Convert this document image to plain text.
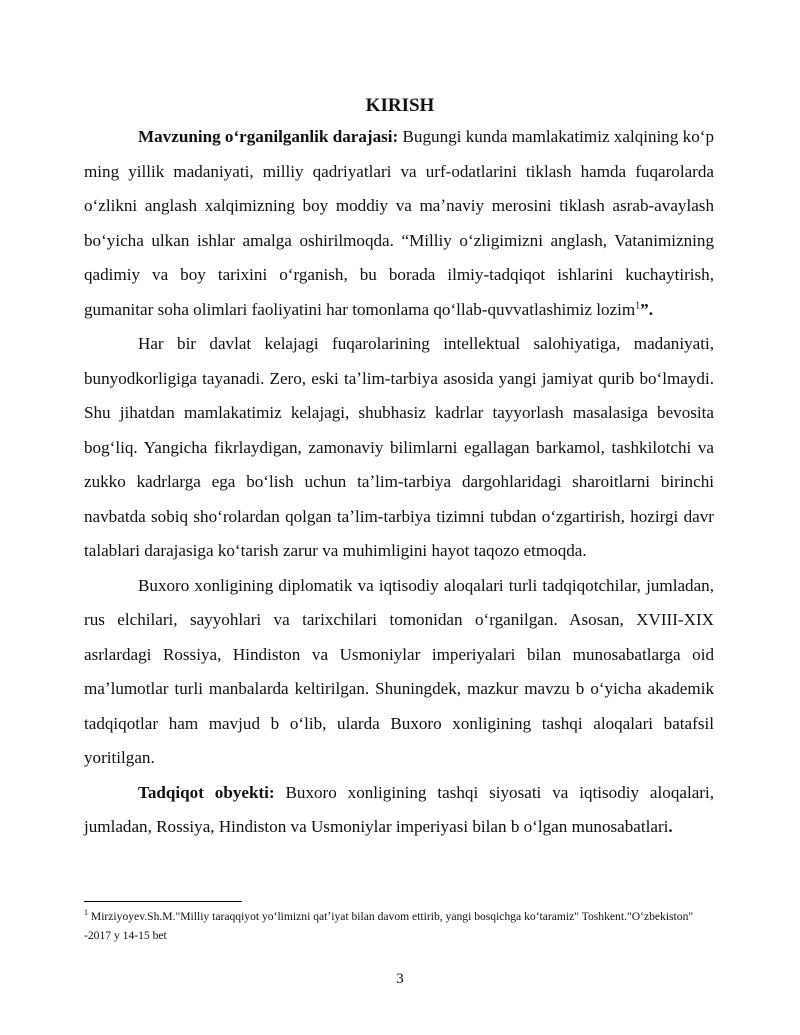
KIRISH

Mavzuning oʻrganilganlik darajasi: Bugungi kunda mamlakatimiz xalqining koʻp ming yillik madaniyati, milliy qadriyatlari va urf-odatlarini tiklash hamda fuqarolarda oʻzlikni anglash xalqimizning boy moddiy va maʼnaviy merosini tiklash asrab-avaylash boʻyicha ulkan ishlar amalga oshirilmoqda. “Milliy oʻzligimizni anglash, Vatanimizning qadimiy va boy tarixini oʻrganish, bu borada ilmiy-tadqiqot ishlarini kuchaytirish, gumanitar soha olimlari faoliyatini har tomonlama qoʻllab-quvvatlashimiz lozim$^1$”.

Har bir davlat kelajagi fuqarolarining intellektual salohiyatiga, madaniyati, bunyodkorligiga tayanadi. Zero, eski taʼlim-tarbiya asosida yangi jamiyat qurib boʻlmaydi. Shu jihatdan mamlakatimiz kelajagi, shubhasiz kadrlar tayyorlash masalasiga bevosita bogʻliq. Yangicha fikrlaydigan, zamonaviy bilimlarni egallagan barkamol, tashkilotchi va zukko kadrlarga ega boʻlish uchun taʼlim-tarbiya dargohlaridagi sharoitlarni birinchi navbatda sobiq shoʻrolardan qolgan taʼlim-tarbiya tizimni tubdan oʻzgartirish, hozirgi davr talablari darajasiga koʻtarish zarur va muhimligini hayot taqozo etmoqda.

Buxoro xonligining diplomatik va iqtisodiy aloqalari turli tadqiqotchilar, jumladan, rus elchilari, sayyohlari va tarixchilari tomonidan oʻrganilgan. Asosan, XVIII-XIX asrlardagi Rossiya, Hindiston va Usmoniylar imperiyalari bilan munosabatlarga oid maʼlumotlar turli manbalarda keltirilgan. Shuningdek, mazkur mavzu b oʻyicha akademik tadqiqotlar ham mavjud b oʻlib, ularda Buxoro xonligining tashqi aloqalari batafsil yoritilgan.

Tadqiqot obyekti: Buxoro xonligining tashqi siyosati va iqtisodiy aloqalari, jumladan, Rossiya, Hindiston va Usmoniylar imperiyasi bilan b oʻlgan munosabatlari.

$^1$ Mirziyoyev.Sh.M."Milliy taraqqiyot yoʻlimizni qatʼiyat bilan davom ettirib, yangi bosqichga koʻtaramiz" Toshkent."Oʻzbekiston" -2017 y 14-15 bet
3
